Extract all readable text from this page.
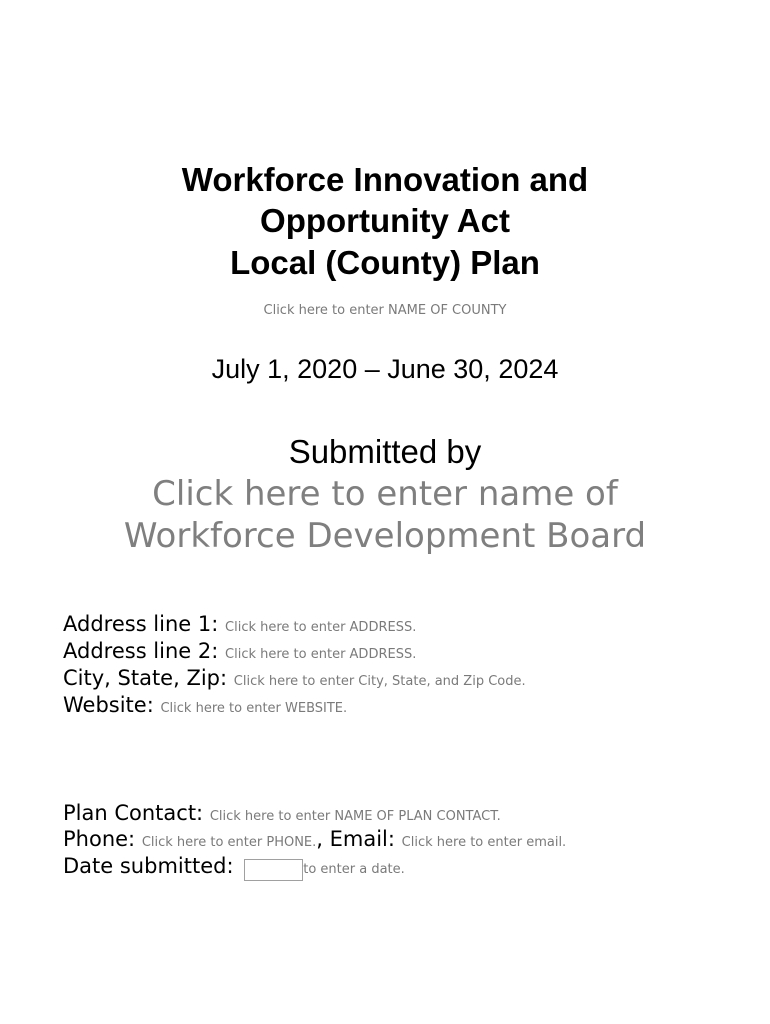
Workforce Innovation and
Opportunity Act
Local (County) Plan
Click here to enter NAME OF COUNTY
July 1, 2020 – June 30, 2024
Submitted by
Click here to enter name of
Workforce Development Board
Address line 1: Click here to enter ADDRESS.
Address line 2: Click here to enter ADDRESS.
City, State, Zip: Click here to enter City, State, and Zip Code.
Website: Click here to enter WEBSITE.
Plan Contact: Click here to enter NAME OF PLAN CONTACT.
Phone: Click here to enter PHONE., Email: Click here to enter email.
Date submitted:	to enter a date.
